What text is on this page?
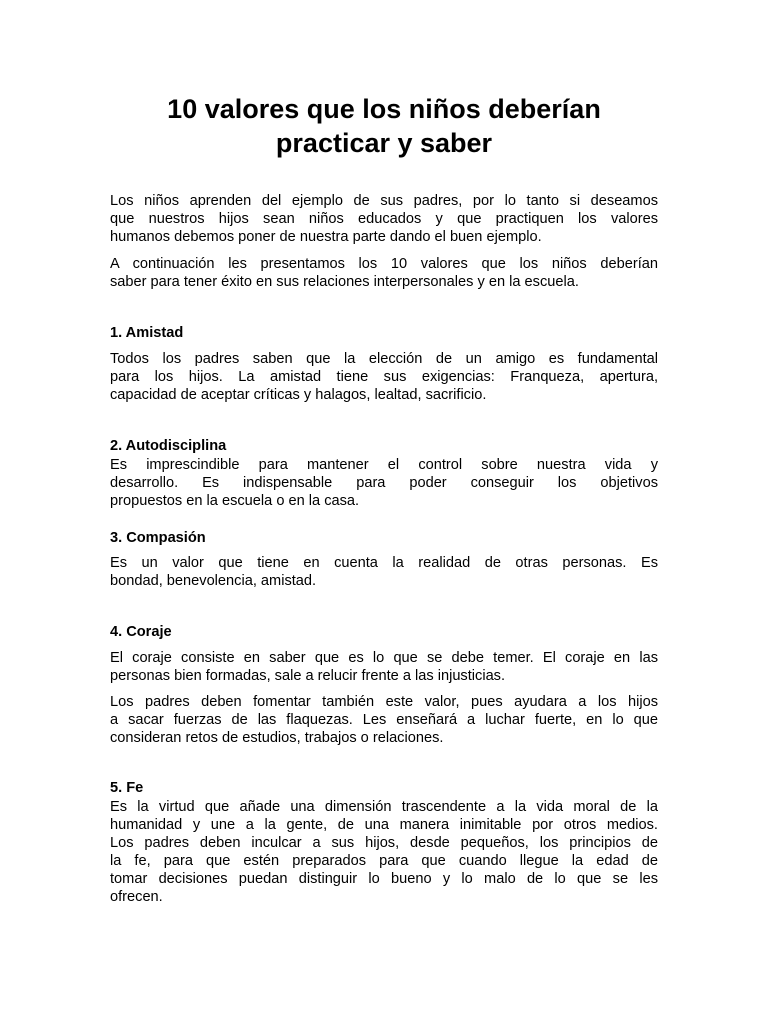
10 valores que los niños deberían
practicar y saber

Los niños aprenden del ejemplo de sus padres, por lo tanto si deseamos
que nuestros hijos sean niños educados y que practiquen los valores
humanos debemos poner de nuestra parte dando el buen ejemplo.

A continuación les presentamos los 10 valores que los niños deberían
saber para tener éxito en sus relaciones interpersonales y en la escuela.

1. Amistad

Todos los padres saben que la elección de un amigo es fundamental
para los hijos. La amistad tiene sus exigencias: Franqueza, apertura,
capacidad de aceptar críticas y halagos, lealtad, sacrificio.

2. Autodisciplina

Es imprescindible para mantener el control sobre nuestra vida y
desarrollo. Es indispensable para poder conseguir los objetivos
propuestos en la escuela o en la casa.

3. Compasión

Es un valor que tiene en cuenta la realidad de otras personas. Es
bondad, benevolencia, amistad.

4. Coraje

El coraje consiste en saber que es lo que se debe temer. El coraje en las
personas bien formadas, sale a relucir frente a las injusticias.

Los padres deben fomentar también este valor, pues ayudara a los hijos
a sacar fuerzas de las flaquezas. Les enseñará a luchar fuerte, en lo que
consideran retos de estudios, trabajos o relaciones.

5. Fe

Es la virtud que añade una dimensión trascendente a la vida moral de la
humanidad y une a la gente, de una manera inimitable por otros medios.
Los padres deben inculcar a sus hijos, desde pequeños, los principios de
la fe, para que estén preparados para que cuando llegue la edad de
tomar decisiones puedan distinguir lo bueno y lo malo de lo que se les
ofrecen.
